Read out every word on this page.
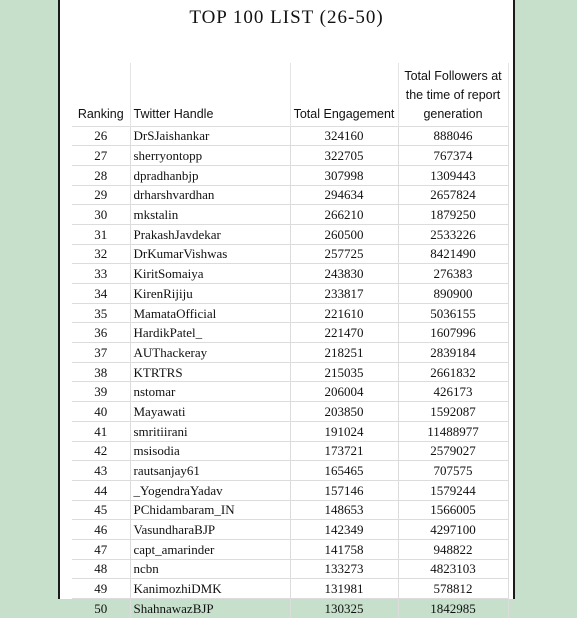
TOP 100 LIST (26-50)
Ranking	Twitter Handle	Total Engagement	Total Followers at the time of report generation
26	DrSJaishankar	324160	888046
27	sherryontopp	322705	767374
28	dpradhanbjp	307998	1309443
29	drharshvardhan	294634	2657824
30	mkstalin	266210	1879250
31	PrakashJavdekar	260500	2533226
32	DrKumarVishwas	257725	8421490
33	KiritSomaiya	243830	276383
34	KirenRijiju	233817	890900
35	MamataOfficial	221610	5036155
36	HardikPatel_	221470	1607996
37	AUThackeray	218251	2839184
38	KTRTRS	215035	2661832
39	nstomar	206004	426173
40	Mayawati	203850	1592087
41	smritiirani	191024	11488977
42	msisodia	173721	2579027
43	rautsanjay61	165465	707575
44	_YogendraYadav	157146	1579244
45	PChidambaram_IN	148653	1566005
46	VasundharaBJP	142349	4297100
47	capt_amarinder	141758	948822
48	ncbn	133273	4823103
49	KanimozhiDMK	131981	578812
50	ShahnawazBJP	130325	1842985
